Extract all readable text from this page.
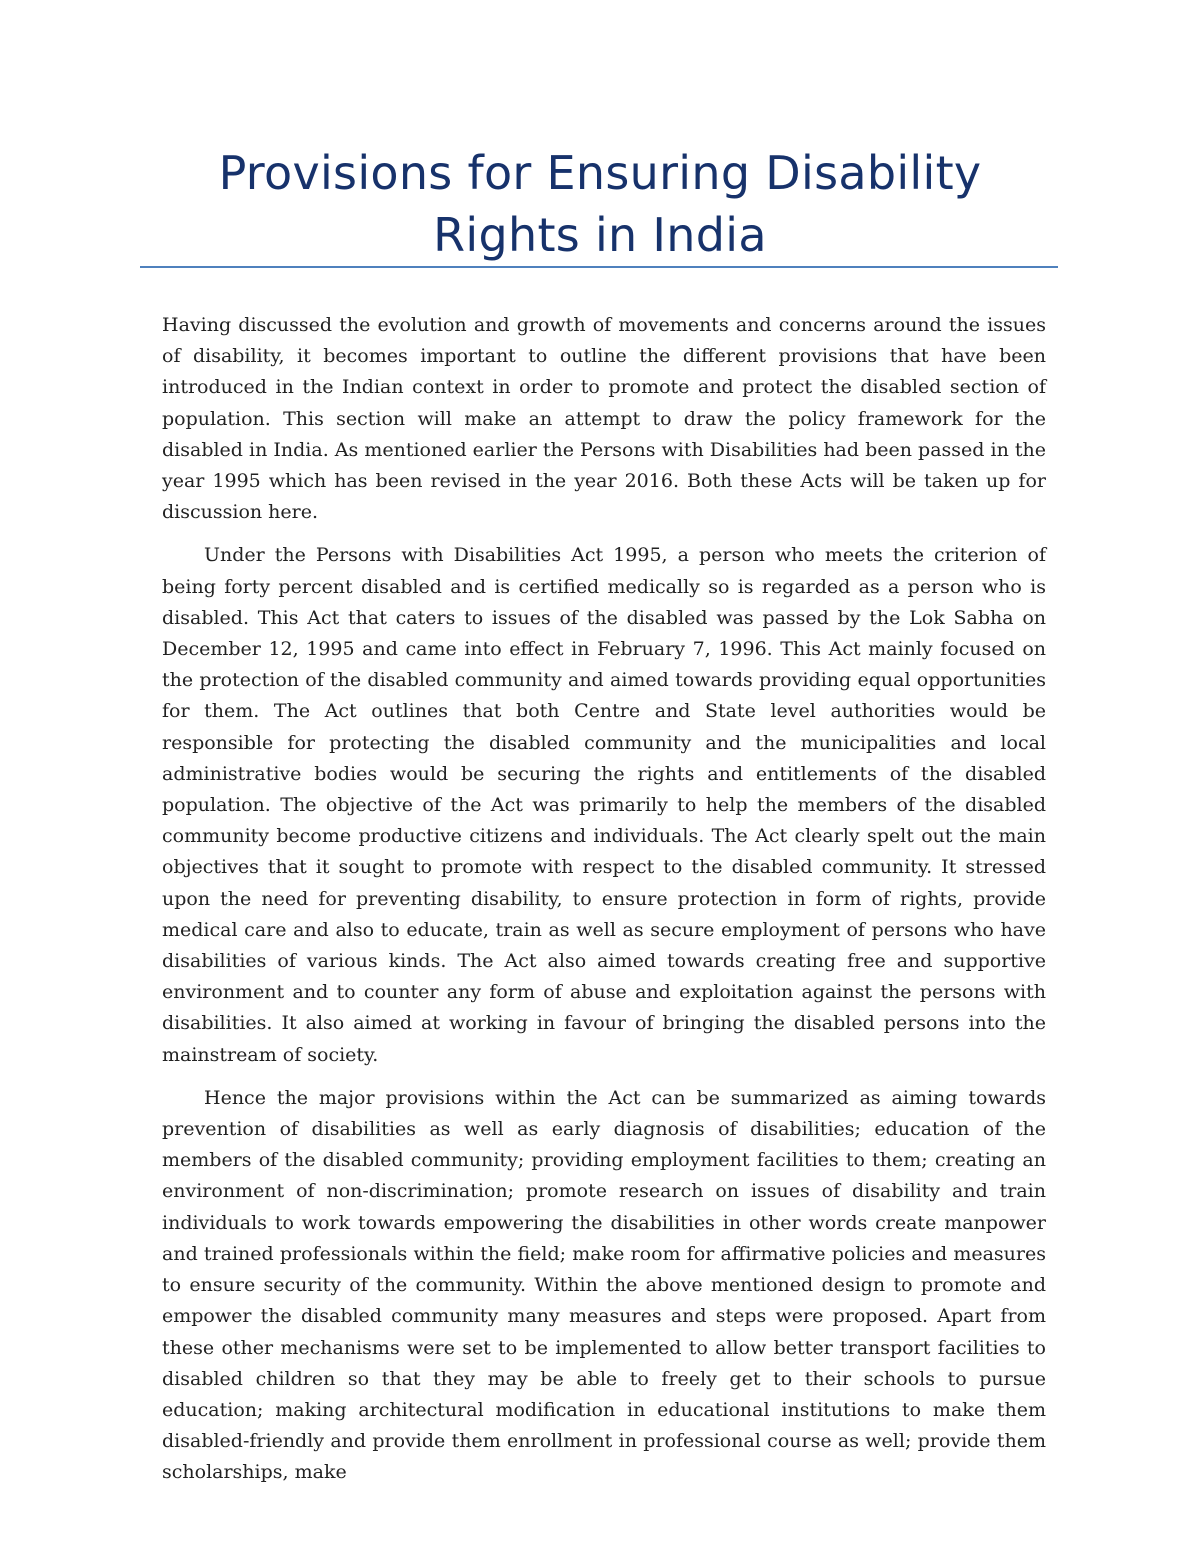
Provisions for Ensuring Disability Rights in India

Having discussed the evolution and growth of movements and concerns around the issues of disability, it becomes important to outline the different provisions that have been introduced in the Indian context in order to promote and protect the disabled section of population. This section will make an attempt to draw the policy framework for the disabled in India. As mentioned earlier the Persons with Disabilities had been passed in the year 1995 which has been revised in the year 2016. Both these Acts will be taken up for discussion here.

Under the Persons with Disabilities Act 1995, a person who meets the criterion of being forty percent disabled and is certified medically so is regarded as a person who is disabled. This Act that caters to issues of the disabled was passed by the Lok Sabha on December 12, 1995 and came into effect in February 7, 1996. This Act mainly focused on the protection of the disabled community and aimed towards providing equal opportunities for them. The Act outlines that both Centre and State level authorities would be responsible for protecting the disabled community and the municipalities and local administrative bodies would be securing the rights and entitlements of the disabled population. The objective of the Act was primarily to help the members of the disabled community become productive citizens and individuals. The Act clearly spelt out the main objectives that it sought to promote with respect to the disabled community. It stressed upon the need for preventing disability, to ensure protection in form of rights, provide medical care and also to educate, train as well as secure employment of persons who have disabilities of various kinds. The Act also aimed towards creating free and supportive environment and to counter any form of abuse and exploitation against the persons with disabilities. It also aimed at working in favour of bringing the disabled persons into the mainstream of society.

Hence the major provisions within the Act can be summarized as aiming towards prevention of disabilities as well as early diagnosis of disabilities; education of the members of the disabled community; providing employment facilities to them; creating an environment of non-discrimination; promote research on issues of disability and train individuals to work towards empowering the disabilities in other words create manpower and trained professionals within the field; make room for affirmative policies and measures to ensure security of the community. Within the above mentioned design to promote and empower the disabled community many measures and steps were proposed. Apart from these other mechanisms were set to be implemented to allow better transport facilities to disabled children so that they may be able to freely get to their schools to pursue education; making architectural modification in educational institutions to make them disabled-friendly and provide them enrollment in professional course as well; provide them scholarships, make
